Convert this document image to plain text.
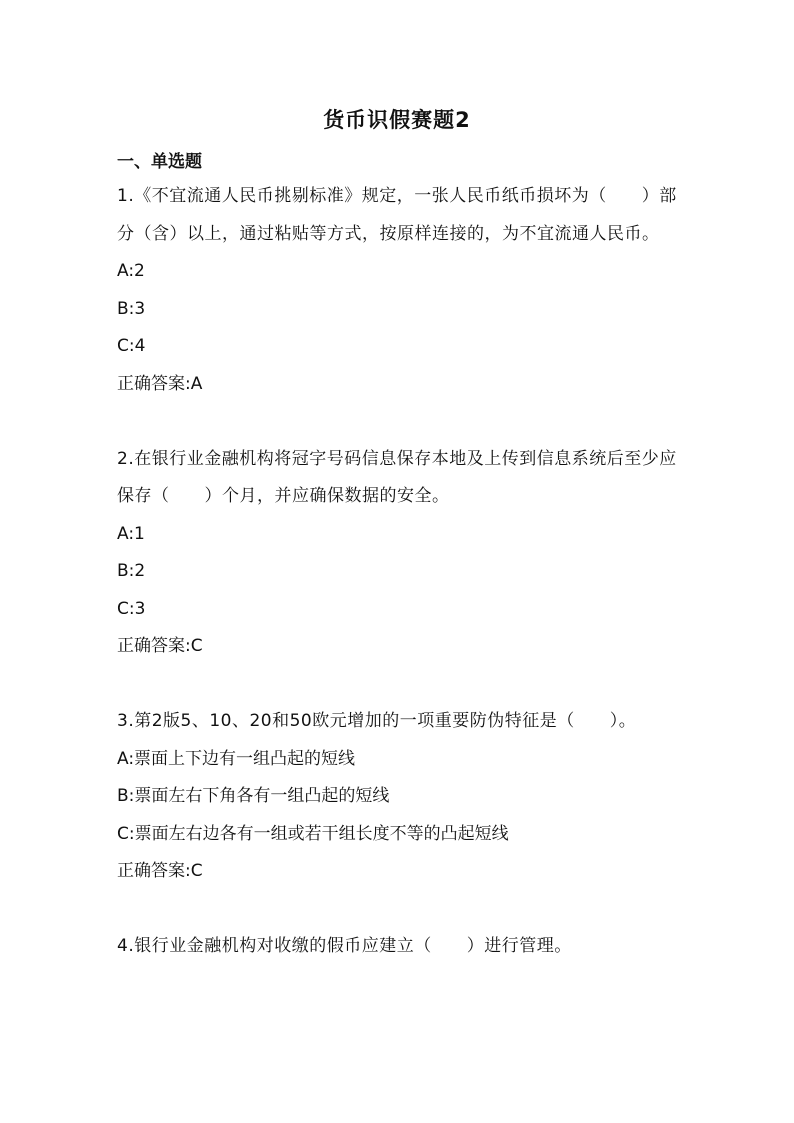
货币识假赛题2
一、单选题

1.《不宜流通人民币挑剔标准》规定，一张人民币纸币损坏为（　　）部分（含）以上，通过粘贴等方式，按原样连接的，为不宜流通人民币。

A:2

B:3

C:4

正确答案:A

2.在银行业金融机构将冠字号码信息保存本地及上传到信息系统后至少应保存（　　）个月，并应确保数据的安全。

A:1

B:2

C:3

正确答案:C

3.第2版5、10、20和50欧元增加的一项重要防伪特征是（　　）。

A:票面上下边有一组凸起的短线

B:票面左右下角各有一组凸起的短线

C:票面左右边各有一组或若干组长度不等的凸起短线

正确答案:C

4.银行业金融机构对收缴的假币应建立（　　）进行管理。
